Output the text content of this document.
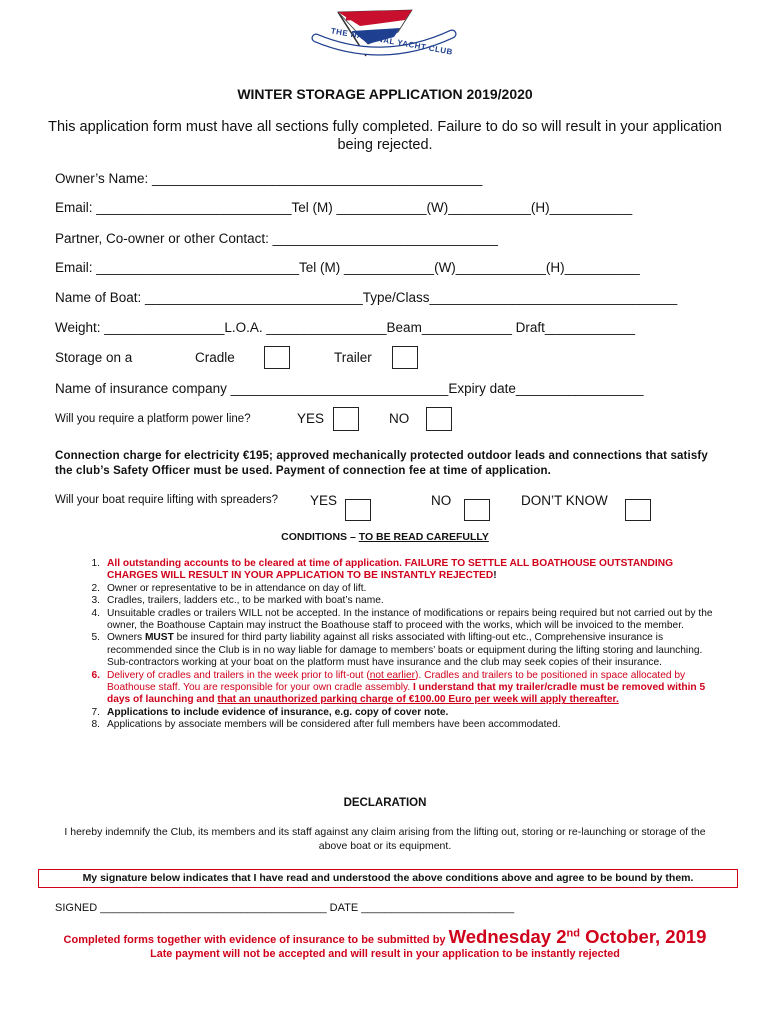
THE NATIONAL YACHT CLUB
WINTER STORAGE APPLICATION 2019/2020
This application form must have all sections fully completed. Failure to do so will result in your application being rejected.
Owner’s Name: ____________________________________________
Email: __________________________Tel (M) ____________(W)___________(H)___________
Partner, Co-owner or other Contact: ______________________________
Email: ___________________________Tel (M) ____________(W)____________(H)__________
Name of Boat: _____________________________Type/Class_________________________________
Weight: ________________L.O.A. ________________Beam____________ Draft____________
Storage on a	Cradle	Trailer
Name of insurance company _____________________________Expiry date_________________
Will you require a platform power line?	YES	NO
Connection charge for electricity €195; approved mechanically protected outdoor leads and connections that satisfy the club’s Safety Officer must be used. Payment of connection fee at time of application.
Will your boat require lifting with spreaders? YES	NO	DON’T KNOW
CONDITIONS – TO BE READ CAREFULLY
1. All outstanding accounts to be cleared at time of application. FAILURE TO SETTLE ALL BOATHOUSE OUTSTANDING CHARGES WILL RESULT IN YOUR APPLICATION TO BE INSTANTLY REJECTED!
2. Owner or representative to be in attendance on day of lift.
3. Cradles, trailers, ladders etc., to be marked with boat’s name.
4. Unsuitable cradles or trailers WILL not be accepted. In the instance of modifications or repairs being required but not carried out by the owner, the Boathouse Captain may instruct the Boathouse staff to proceed with the works, which will be invoiced to the member.
5. Owners MUST be insured for third party liability against all risks associated with lifting-out etc., Comprehensive insurance is recommended since the Club is in no way liable for damage to members’ boats or equipment during the lifting storing and launching. Sub-contractors working at your boat on the platform must have insurance and the club may seek copies of their insurance.
6. Delivery of cradles and trailers in the week prior to lift-out (not earlier). Cradles and trailers to be positioned in space allocated by Boathouse staff. You are responsible for your own cradle assembly. I understand that my trailer/cradle must be removed within 5 days of launching and that an unauthorized parking charge of €100.00 Euro per week will apply thereafter.
7. Applications to include evidence of insurance, e.g. copy of cover note.
8. Applications by associate members will be considered after full members have been accommodated.
DECLARATION
I hereby indemnify the Club, its members and its staff against any claim arising from the lifting out, storing or re-launching or storage of the above boat or its equipment.
My signature below indicates that I have read and understood the above conditions above and agree to be bound by them.
SIGNED _____________________________________ DATE _________________________
Completed forms together with evidence of insurance to be submitted by Wednesday 2nd October, 2019
Late payment will not be accepted and will result in your application to be instantly rejected
